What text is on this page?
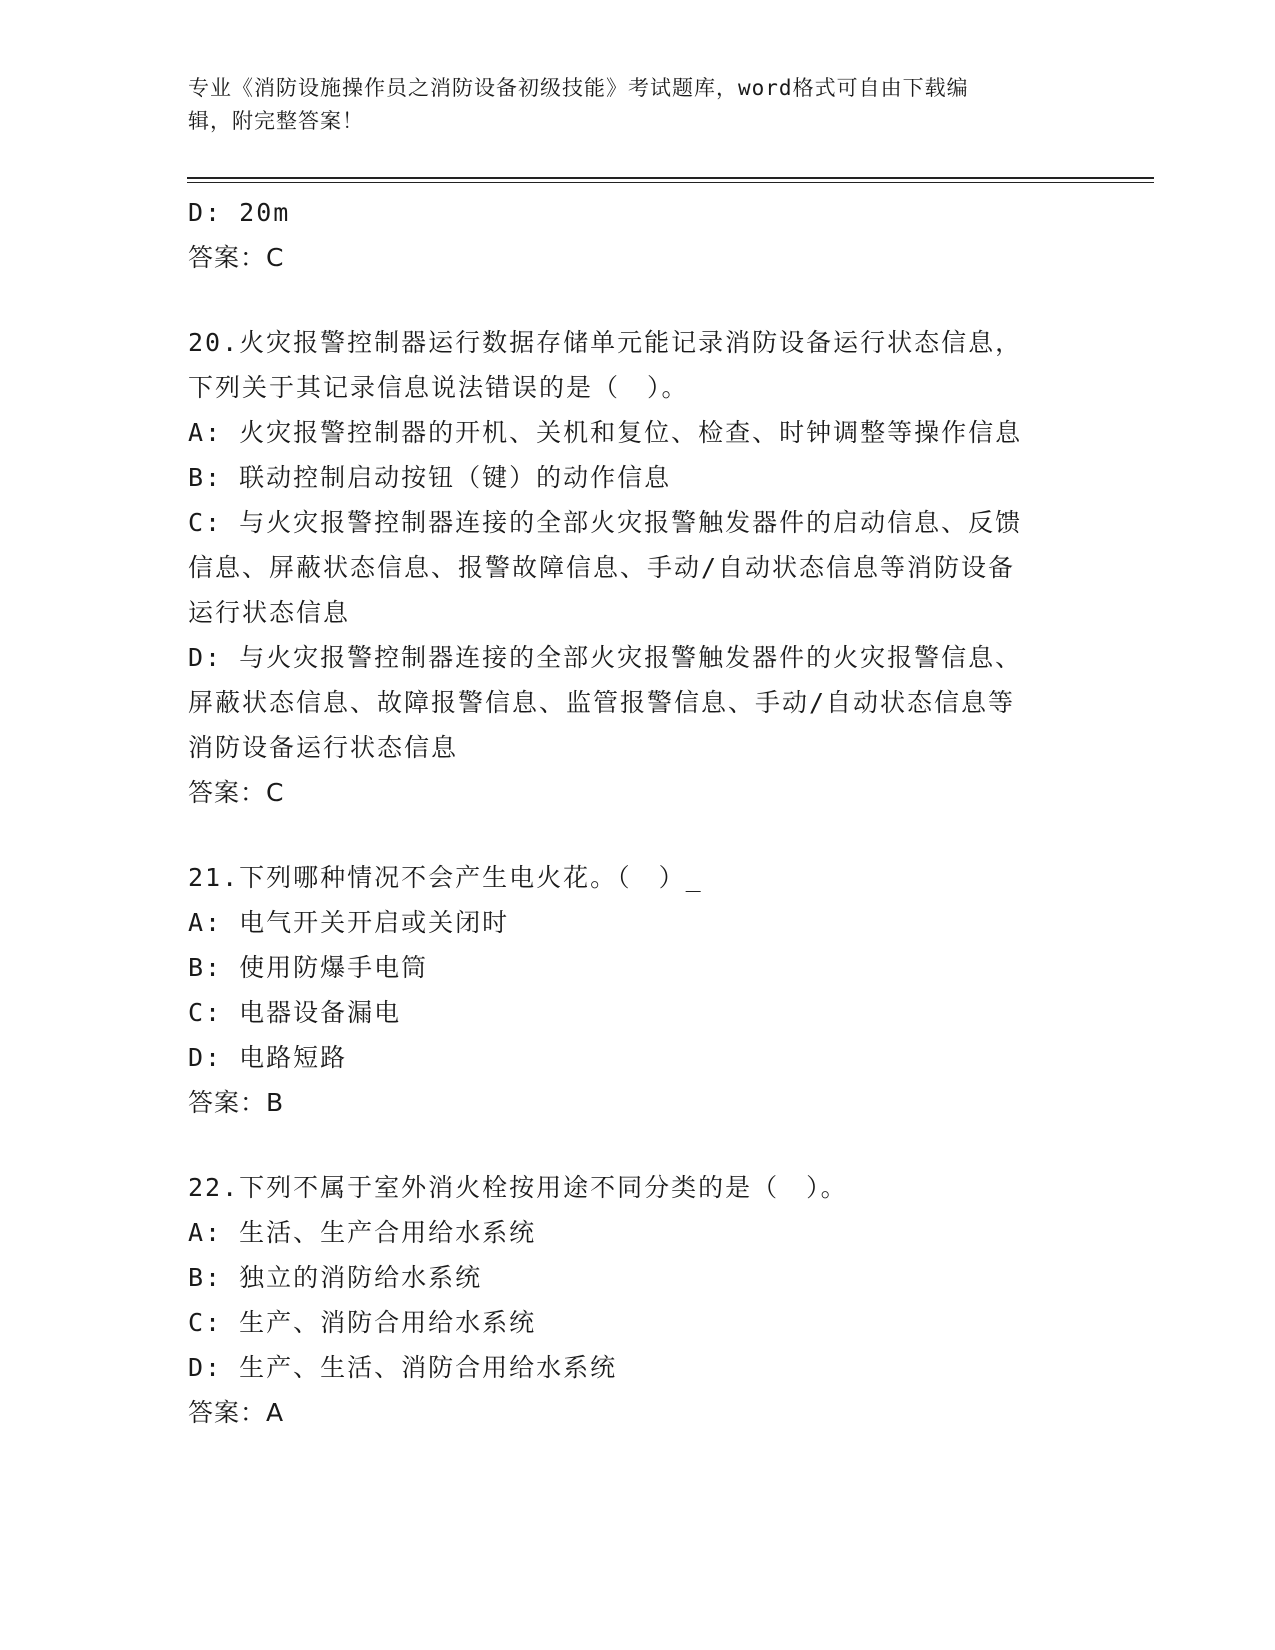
专业《消防设施操作员之消防设备初级技能》考试题库，word格式可自由下载编
辑，附完整答案！
D: 20m
答案：C
20.火灾报警控制器运行数据存储单元能记录消防设备运行状态信息，
下列关于其记录信息说法错误的是（　）。
A: 火灾报警控制器的开机、关机和复位、检查、时钟调整等操作信息
B: 联动控制启动按钮（键）的动作信息
C: 与火灾报警控制器连接的全部火灾报警触发器件的启动信息、反馈
信息、屏蔽状态信息、报警故障信息、手动/自动状态信息等消防设备
运行状态信息
D: 与火灾报警控制器连接的全部火灾报警触发器件的火灾报警信息、
屏蔽状态信息、故障报警信息、监管报警信息、手动/自动状态信息等
消防设备运行状态信息
答案：C
21.下列哪种情况不会产生电火花。（　）_
A: 电气开关开启或关闭时
B: 使用防爆手电筒
C: 电器设备漏电
D: 电路短路
答案：B
22.下列不属于室外消火栓按用途不同分类的是（　）。
A: 生活、生产合用给水系统
B: 独立的消防给水系统
C: 生产、消防合用给水系统
D: 生产、生活、消防合用给水系统
答案：A
